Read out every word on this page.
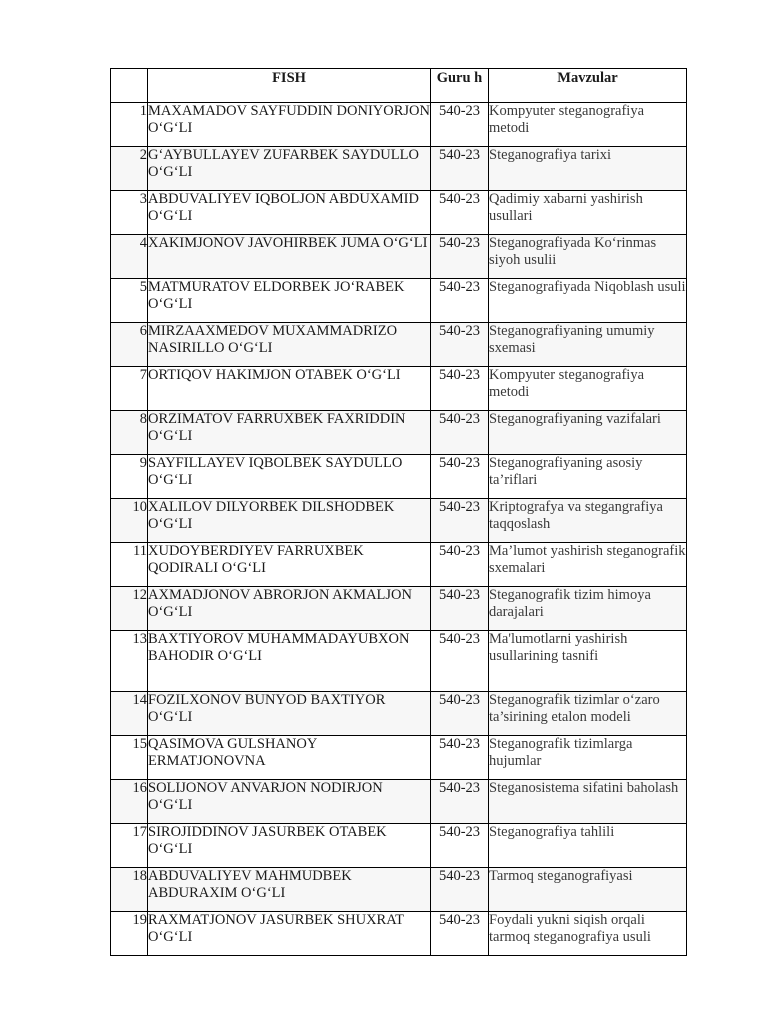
	FISH	Guru h	Mavzular

1	MAXAMADOV SAYFUDDIN DONIYORJON O‘G‘LI	540-23	Kompyuter steganografiya metodi
2	G‘AYBULLAYEV ZUFARBEK SAYDULLO O‘G‘LI	540-23	Steganografiya tarixi
3	ABDUVALIYEV IQBOLJON ABDUXAMID O‘G‘LI	540-23	Qadimiy xabarni yashirish usullari
4	XAKIMJONOV JAVOHIRBEK JUMA O‘G‘LI	540-23	Steganografiyada Ko‘rinmas siyoh usulii
5	MATMURATOV ELDORBEK JO‘RABEK O‘G‘LI	540-23	Steganografiyada Niqoblash usuli
6	MIRZAAXMEDOV MUXAMMADRIZO NASIRILLO O‘G‘LI	540-23	Steganografiyaning umumiy sxemasi
7	ORTIQOV HAKIMJON OTABEK O‘G‘LI	540-23	Kompyuter steganografiya metodi
8	ORZIMATOV FARRUXBEK FAXRIDDIN O‘G‘LI	540-23	Steganografiyaning vazifalari
9	SAYFILLAYEV IQBOLBEK SAYDULLO O‘G‘LI	540-23	Steganografiyaning asosiy ta’riflari
10	XALILOV DILYORBEK DILSHODBEK O‘G‘LI	540-23	Kriptografya va stegangrafiya taqqoslash
11	XUDOYBERDIYEV FARRUXBEK QODIRALI O‘G‘LI	540-23	Ma’lumot yashirish steganografik sxemalari
12	AXMADJONOV ABRORJON AKMALJON O‘G‘LI	540-23	Steganografik tizim himoya darajalari
13	BAXTIYOROV MUHAMMADAYUBXON BAHODIR O‘G‘LI	540-23	Ma'lumotlarni yashirish usullarining tasnifi
14	FOZILXONOV BUNYOD BAXTIYOR O‘G‘LI	540-23	Steganografik tizimlar o‘zaro ta’sirining etalon modeli
15	QASIMOVA GULSHANOY ERMATJONOVNA	540-23	Steganografik tizimlarga hujumlar
16	SOLIJONOV ANVARJON NODIRJON O‘G‘LI	540-23	Steganosistema sifatini baholash
17	SIROJIDDINOV JASURBEK OTABEK O‘G‘LI	540-23	Steganografiya tahlili
18	ABDUVALIYEV MAHMUDBEK ABDURAXIM O‘G‘LI	540-23	Tarmoq steganografiyasi
19	RAXMATJONOV JASURBEK SHUXRAT O‘G‘LI	540-23	Foydali yukni siqish orqali tarmoq steganografiya usuli
